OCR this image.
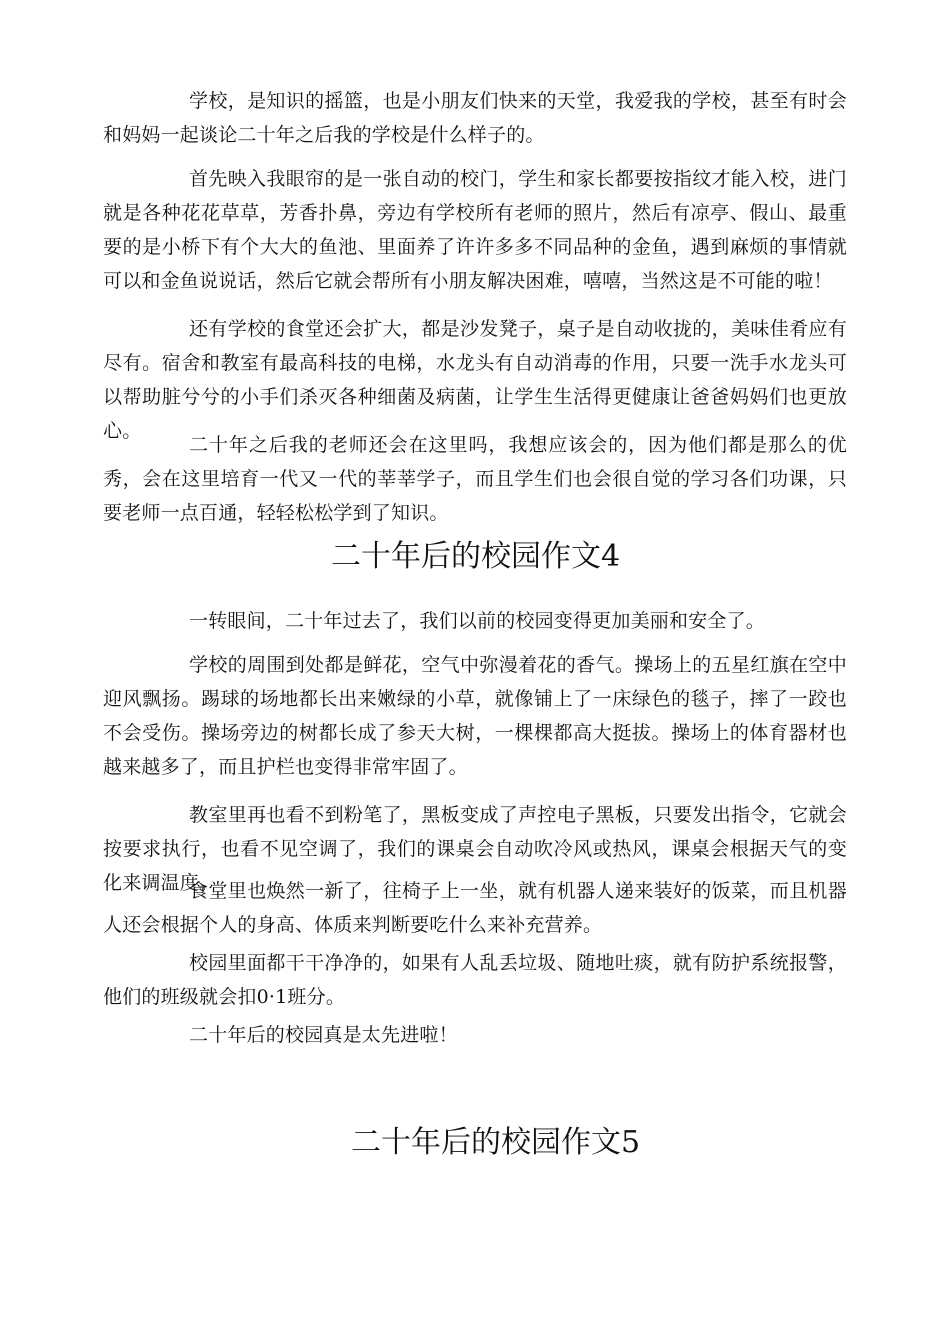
学校，是知识的摇篮，也是小朋友们快来的天堂，我爱我的学校，甚至有时会和妈妈一起谈论二十年之后我的学校是什么样子的。

首先映入我眼帘的是一张自动的校门，学生和家长都要按指纹才能入校，进门就是各种花花草草，芳香扑鼻，旁边有学校所有老师的照片，然后有凉亭、假山、最重要的是小桥下有个大大的鱼池、里面养了许许多多不同品种的金鱼，遇到麻烦的事情就可以和金鱼说说话，然后它就会帮所有小朋友解决困难，嘻嘻，当然这是不可能的啦！

还有学校的食堂还会扩大，都是沙发凳子，桌子是自动收拢的，美味佳肴应有尽有。宿舍和教室有最高科技的电梯，水龙头有自动消毒的作用，只要一洗手水龙头可以帮助脏兮兮的小手们杀灭各种细菌及病菌，让学生生活得更健康让爸爸妈妈们也更放心。

二十年之后我的老师还会在这里吗，我想应该会的，因为他们都是那么的优秀，会在这里培育一代又一代的莘莘学子，而且学生们也会很自觉的学习各们功课，只要老师一点百通，轻轻松松学到了知识。

二十年后的校园作文4

一转眼间，二十年过去了，我们以前的校园变得更加美丽和安全了。

学校的周围到处都是鲜花，空气中弥漫着花的香气。操场上的五星红旗在空中迎风飘扬。踢球的场地都长出来嫩绿的小草，就像铺上了一床绿色的毯子，摔了一跤也不会受伤。操场旁边的树都长成了参天大树，一棵棵都高大挺拔。操场上的体育器材也越来越多了，而且护栏也变得非常牢固了。

教室里再也看不到粉笔了，黑板变成了声控电子黑板，只要发出指令，它就会按要求执行，也看不见空调了，我们的课桌会自动吹冷风或热风，课桌会根据天气的变化来调温度。

食堂里也焕然一新了，往椅子上一坐，就有机器人递来装好的饭菜，而且机器人还会根据个人的身高、体质来判断要吃什么来补充营养。

校园里面都干干净净的，如果有人乱丢垃圾、随地吐痰，就有防护系统报警，他们的班级就会扣0·1班分。

二十年后的校园真是太先进啦！

二十年后的校园作文5
